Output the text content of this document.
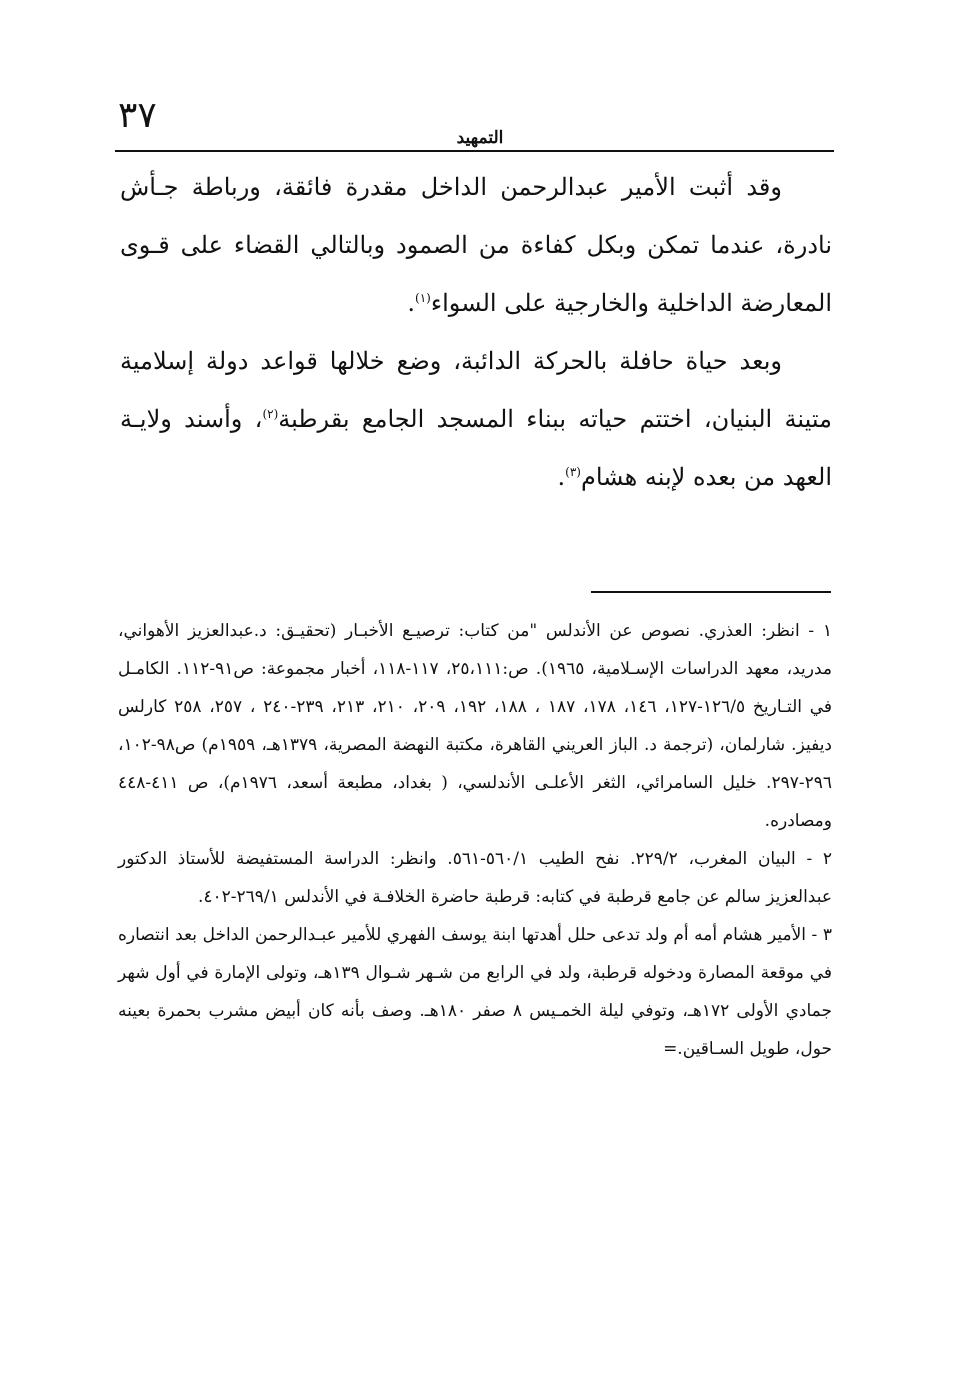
٣٧
التمهيد

وقد أثبت الأمير عبدالرحمن الداخل مقدرة فائقة، ورباطة جـأش نادرة، عندما تمكن وبكل كفاءة من الصمود وبالتالي القضاء على قـوى المعارضة الداخلية والخارجية على السواء$^{(١)}$.

وبعد حياة حافلة بالحركة الدائبة، وضع خلالها قواعد دولة إسلامية متينة البنيان، اختتم حياته ببناء المسجد الجامع بقرطبة$^{(٢)}$، وأسند ولايـة العهد من بعده لإبنه هشام$^{(٣)}$.

١ - انظر: العذري. نصوص عن الأندلس "من كتاب: ترصيـع الأخبـار (تحقيـق: د.عبدالعزيز الأهواني، مدريد، معهد الدراسات الإسـلامية، ١٩٦٥). ص:٢٥،١١١، ١١٧-١١٨، أخبار مجموعة: ص٩١-١١٢. الكامـل في التـاريخ ١٢٦/٥-١٢٧، ١٤٦، ١٧٨، ١٨٧ ، ١٨٨، ١٩٢، ٢٠٩، ٢١٠، ٢١٣، ٢٣٩-٢٤٠ ، ٢٥٧، ٢٥٨ كارلس ديفيز. شارلمان، (ترجمة د. الباز العريني القاهرة، مكتبة النهضة المصرية، ١٣٧٩هـ، ١٩٥٩م) ص٩٨-١٠٢، ٢٩٦-٢٩٧. خليل السامرائي، الثغر الأعلـى الأندلسي، ( بغداد، مطبعة أسعد، ١٩٧٦م)، ص ٤١١-٤٤٨ ومصادره.

٢ - البيان المغرب، ٢٢٩/٢. نفح الطيب ٥٦٠/١-٥٦١. وانظر: الدراسة المستفيضة للأستاذ الدكتور عبدالعزيز سالم عن جامع قرطبة في كتابه: قرطبة حاضرة الخلافـة في الأندلس ٢٦٩/١-٤٠٢.

٣ - الأمير هشام أمه أم ولد تدعى حلل أهدتها ابنة يوسف الفهري للأمير عبـدالرحمن الداخل بعد انتصاره في موقعة المصارة ودخوله قرطبة، ولد في الرابع من شـهر شـوال ١٣٩هـ، وتولى الإمارة في أول شهر جمادي الأولى ١٧٢هـ، وتوفي ليلة الخمـيس ٨ صفر ١٨٠هـ. وصف بأنه كان أبيض مشرب بحمرة بعينه حول، طويل السـاقين.=
